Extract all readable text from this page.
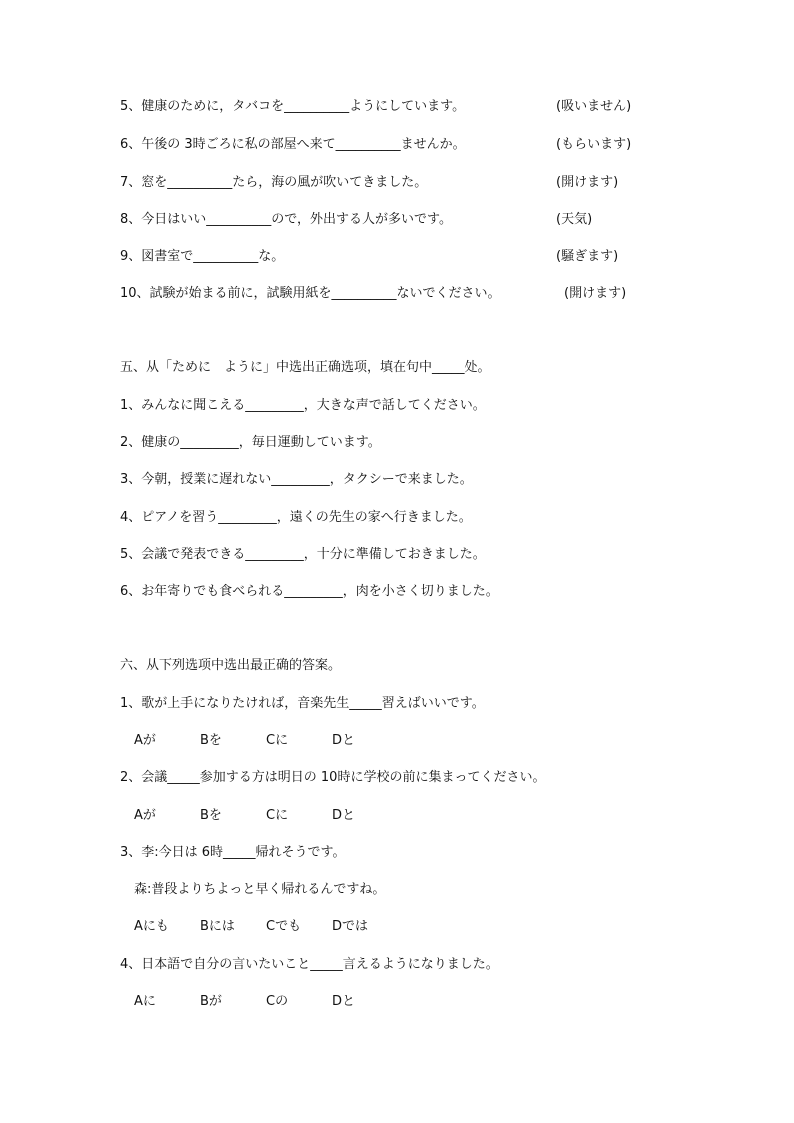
5、健康のために，タバコを__________ようにしています。	(吸いません)
6、午後の 3時ごろに私の部屋へ来て__________ませんか。	(もらいます)
7、窓を__________たら，海の風が吹いてきました。	(開けます)
8、今日はいい__________ので，外出する人が多いです。	(天気)
9、図書室で__________な。	(騒ぎます)
10、試験が始まる前に，試験用紙を__________ないでください。	(開けます)
五、从「ために　ように」中选出正确选项，填在句中_____处。
1、みんなに聞こえる_________，大きな声で話してください。
2、健康の_________，毎日運動しています。
3、今朝，授業に遅れない_________，タクシーで来ました。
4、ピアノを習う_________，遠くの先生の家へ行きました。
5、会議で発表できる_________，十分に準備しておきました。
6、お年寄りでも食べられる_________，肉を小さく切りました。
六、从下列选项中选出最正确的答案。
1、歌が上手になりたければ，音楽先生_____習えばいいです。
Aが	Bを	Cに	Dと
2、会議_____参加する方は明日の 10時に学校の前に集まってください。
Aが	Bを	Cに	Dと
3、李:今日は 6時_____帰れそうです。
森:普段よりちよっと早く帰れるんですね。
Aにも Bには Cでも Dでは
4、日本語で自分の言いたいこと_____言えるようになりました。
Aに	Bが	Cの	Dと
